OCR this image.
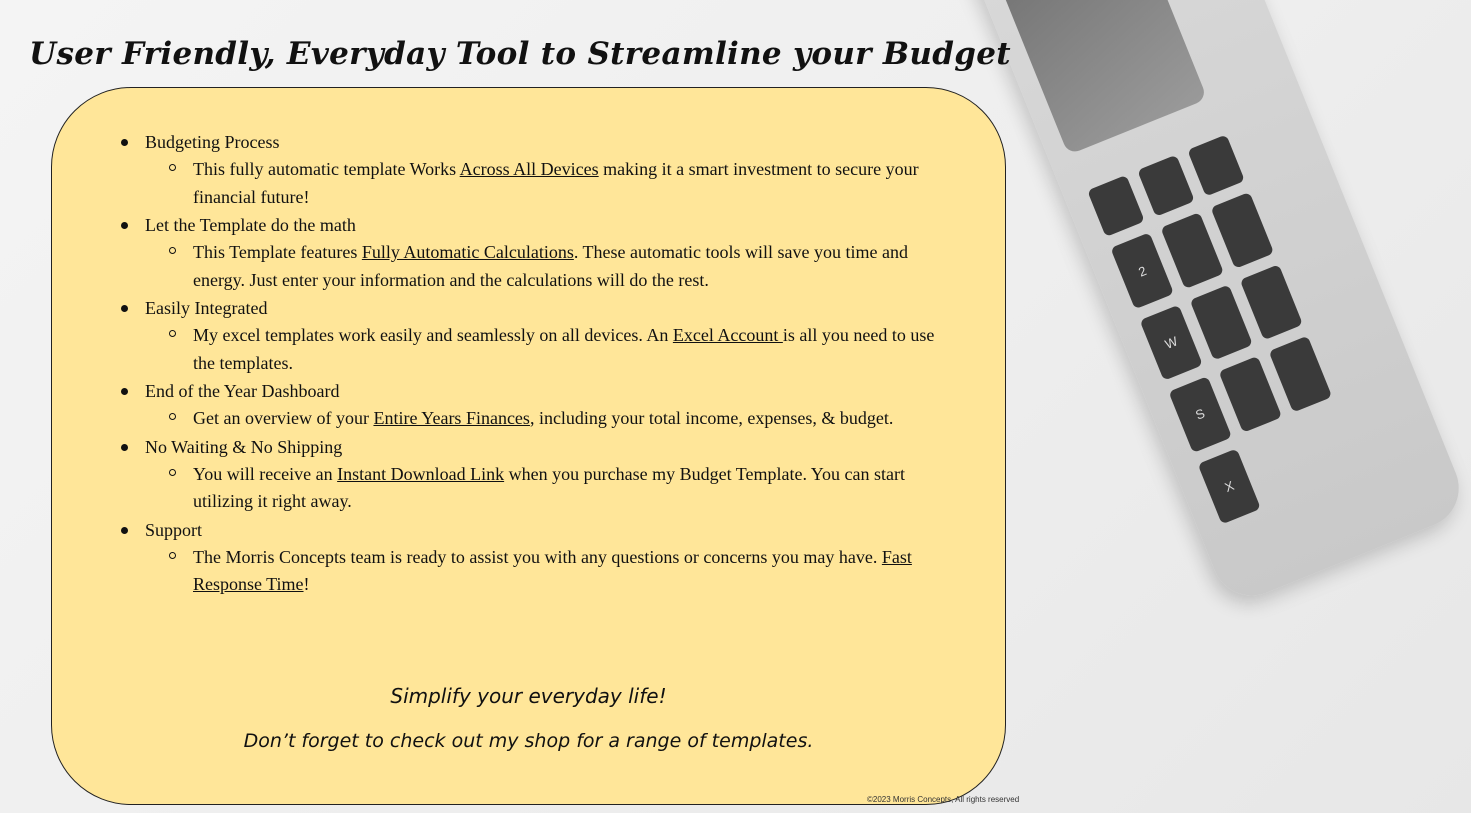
2
W
S
X
User Friendly, Everyday Tool to Streamline your Budget
Budgeting Process
This fully automatic template Works Across All Devices making it a smart investment to secure your financial future!
Let the Template do the math
This Template features Fully Automatic Calculations. These automatic tools will save you time and energy. Just enter your information and the calculations will do the rest.
Easily Integrated
My excel templates work easily and seamlessly on all devices. An Excel Account is all you need to use the templates.
End of the Year Dashboard
Get an overview of your Entire Years Finances, including your total income, expenses, & budget.
No Waiting & No Shipping
You will receive an Instant Download Link when you purchase my Budget Template. You can start utilizing it right away.
Support
The Morris Concepts team is ready to assist you with any questions or concerns you may have. Fast Response Time!
Simplify your everyday life!
Don’t forget to check out my shop for a range of templates.
©2023 Morris Concepts, All rights reserved
